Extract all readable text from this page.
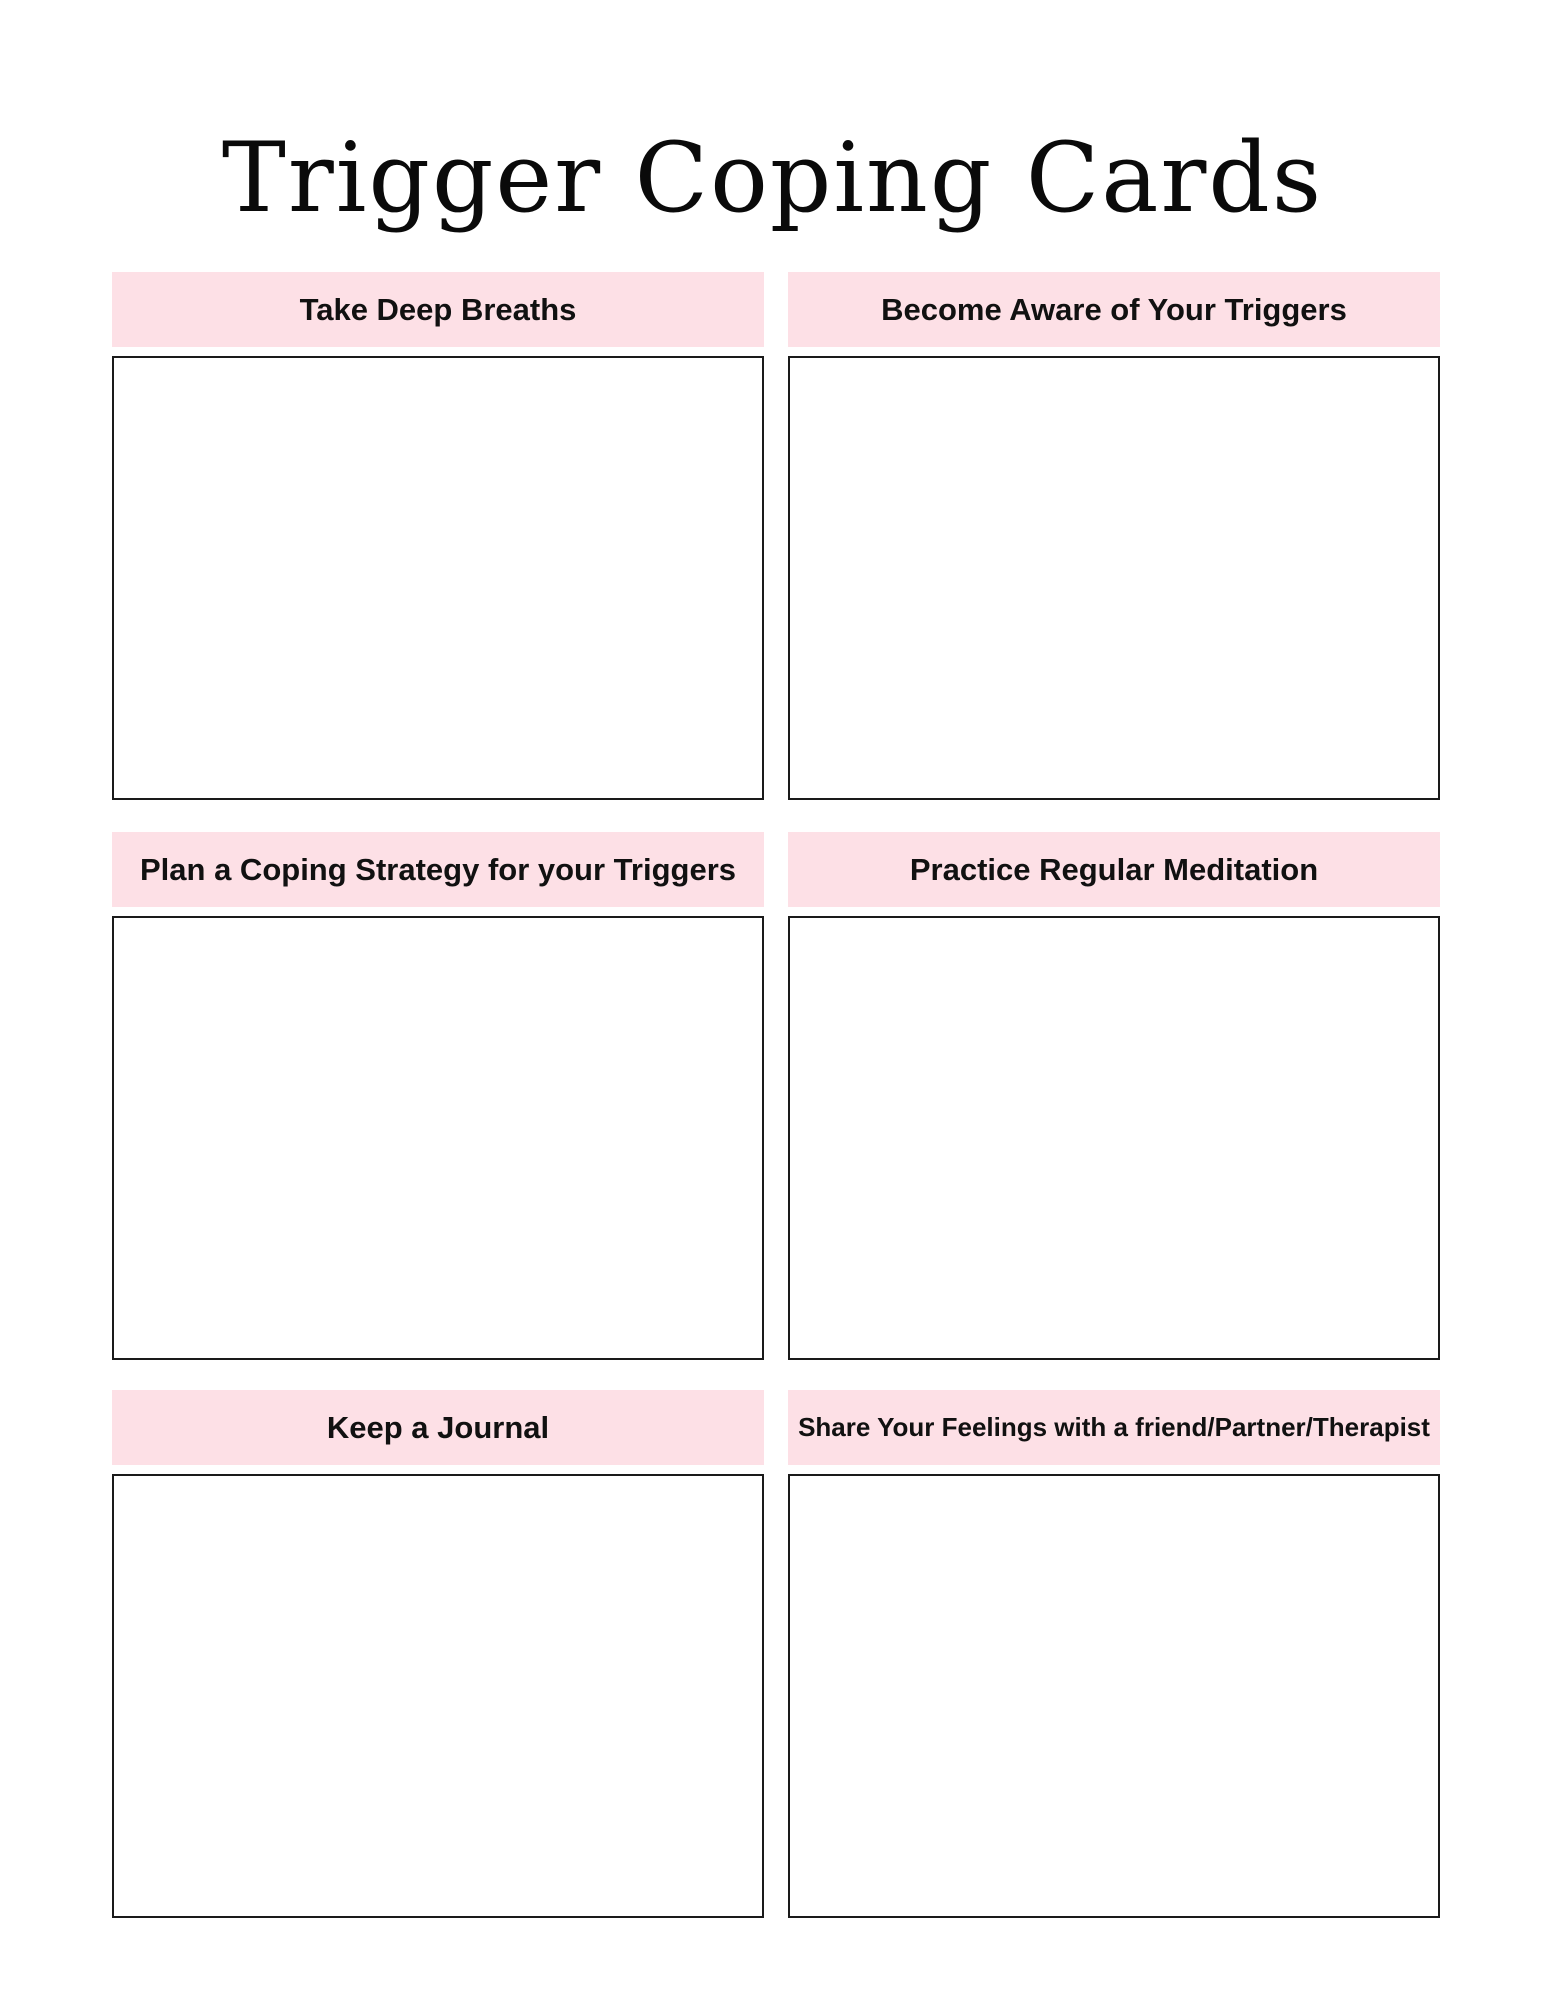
Trigger Coping Cards
Take Deep Breaths	Become Aware of Your Triggers
Plan a Coping Strategy for your Triggers	Practice Regular Meditation
Keep a Journal	Share Your Feelings with a friend/Partner/Therapist
